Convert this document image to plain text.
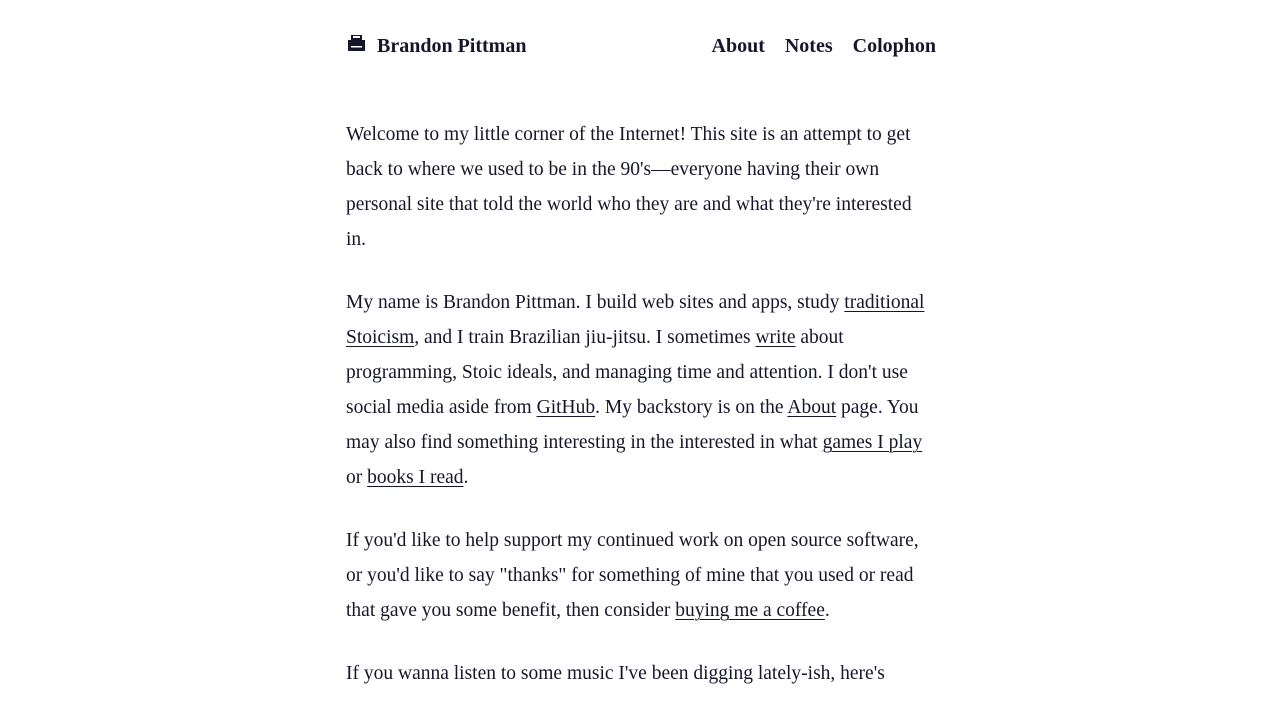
Brandon Pittman	About Notes Colophon

Welcome to my little corner of the Internet! This site is an attempt to get back to where we used to be in the 90's—everyone having their own personal site that told the world who they are and what they're interested in.

My name is Brandon Pittman. I build web sites and apps, study traditional Stoicism, and I train Brazilian jiu-jitsu. I sometimes write about programming, Stoic ideals, and managing time and attention. I don't use social media aside from GitHub. My backstory is on the About page. You may also find something interesting in the interested in what games I play or books I read.

If you'd like to help support my continued work on open source software, or you'd like to say "thanks" for something of mine that you used or read that gave you some benefit, then consider buying me a coffee.

If you wanna listen to some music I've been digging lately-ish, here's
